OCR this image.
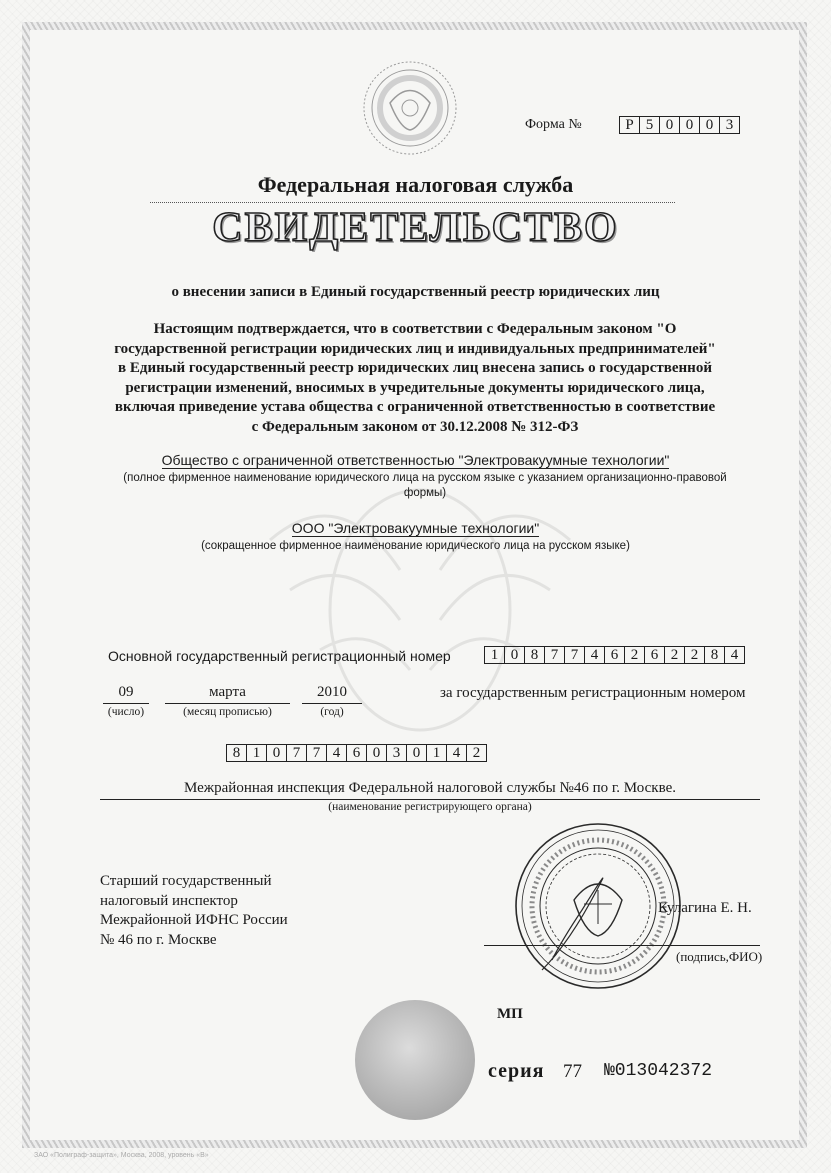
Форма №	Р 5 0 0 0 3
Федеральная налоговая служба
СВИДЕТЕЛЬСТВО
о внесении записи в Единый государственный реестр юридических лиц
Настоящим подтверждается, что в соответствии с Федеральным законом "О
государственной регистрации юридических лиц и индивидуальных предпринимателей"
в Единый государственный реестр юридических лиц внесена запись о государственной
регистрации изменений, вносимых в учредительные документы юридического лица,
включая приведение устава общества с ограниченной ответственностью в соответствие
с Федеральным законом от 30.12.2008 № 312-ФЗ
Общество с ограниченной ответственностью "Электровакуумные технологии"
(полное фирменное наименование юридического лица на русском языке с указанием организационно-правовой
формы)
ООО "Электровакуумные технологии"
(сокращенное фирменное наименование юридического лица на русском языке)
Основной государственный регистрационный номер	1 0 8 7 7 4 6 2 6 2 2 8 4
09
(число)
марта
(месяц прописью)
2010
(год)
за государственным регистрационным номером
8 1 0 7 7 4 6 0 3 0 1 4 2
Межрайонная инспекция Федеральной налоговой службы №46 по г. Москве.
(наименование регистрирующего органа)
Старший государственный
налоговый инспектор
Межрайонной ИФНС России
№ 46 по г. Москве
Кулагина Е. Н.
(подпись,ФИО)
МП
серия 77 №013042372
ЗАО «Полиграф-защита», Москва, 2008, уровень «В»
